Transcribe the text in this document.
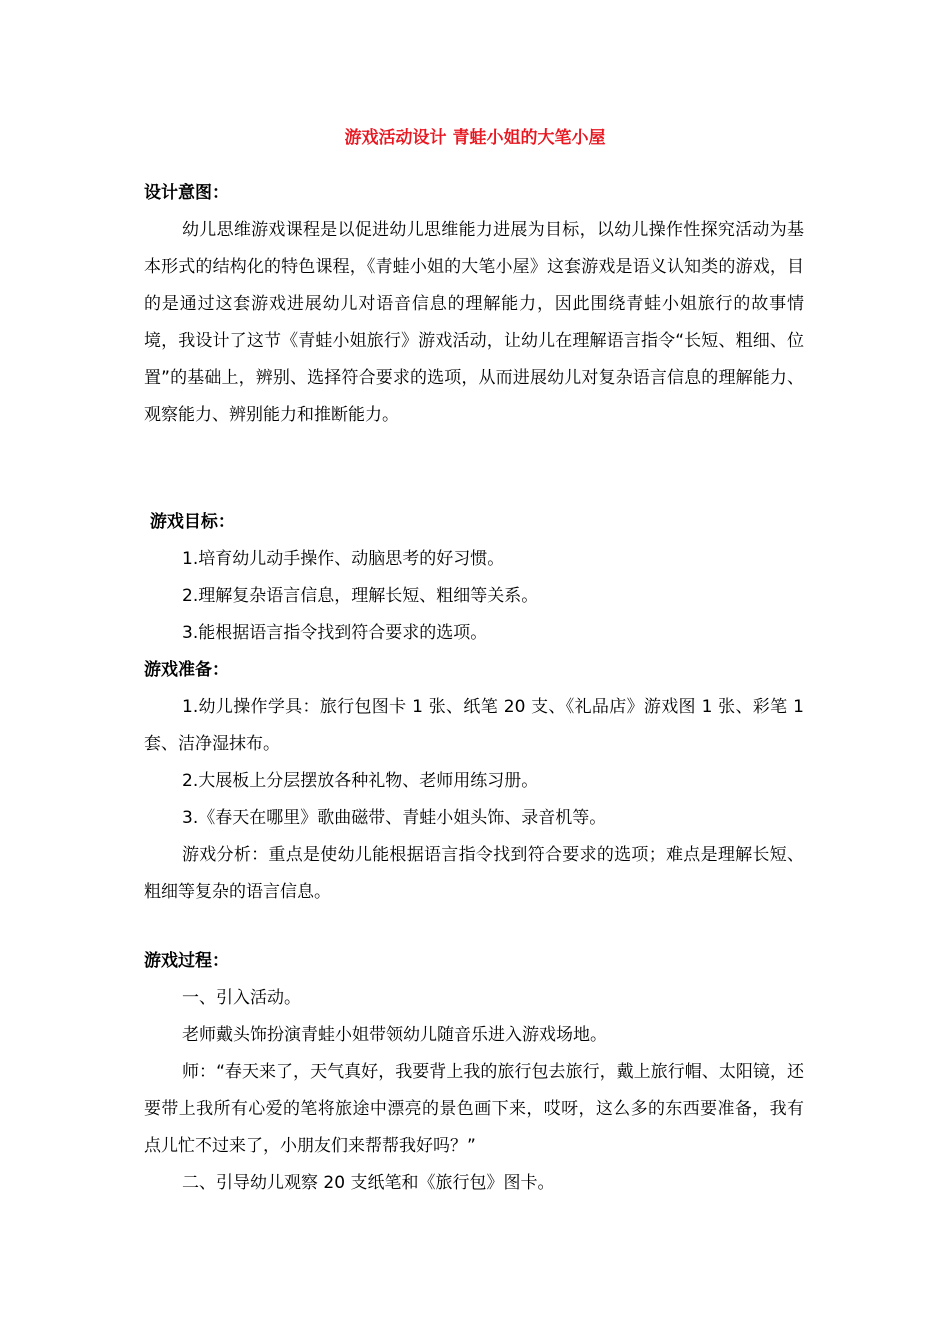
游戏活动设计 青蛙小姐的大笔小屋
设计意图：
幼儿思维游戏课程是以促进幼儿思维能力进展为目标，以幼儿操作性探究活动为基本形式的结构化的特色课程，《青蛙小姐的大笔小屋》这套游戏是语义认知类的游戏，目的是通过这套游戏进展幼儿对语音信息的理解能力，因此围绕青蛙小姐旅行的故事情境，我设计了这节《青蛙小姐旅行》游戏活动，让幼儿在理解语言指令“长短、粗细、位置”的基础上，辨别、选择符合要求的选项，从而进展幼儿对复杂语言信息的理解能力、观察能力、辨别能力和推断能力。
游戏目标：
1.培育幼儿动手操作、动脑思考的好习惯。
2.理解复杂语言信息，理解长短、粗细等关系。
3.能根据语言指令找到符合要求的选项。
游戏准备：
1.幼儿操作学具：旅行包图卡 1 张、纸笔 20 支、《礼品店》游戏图 1 张、彩笔 1 套、洁净湿抹布。
2.大展板上分层摆放各种礼物、老师用练习册。
3.《春天在哪里》歌曲磁带、青蛙小姐头饰、录音机等。
游戏分析：重点是使幼儿能根据语言指令找到符合要求的选项；难点是理解长短、粗细等复杂的语言信息。
游戏过程：
一、引入活动。
老师戴头饰扮演青蛙小姐带领幼儿随音乐进入游戏场地。
师：“春天来了，天气真好，我要背上我的旅行包去旅行，戴上旅行帽、太阳镜，还要带上我所有心爱的笔将旅途中漂亮的景色画下来，哎呀，这么多的东西要准备，我有点儿忙不过来了，小朋友们来帮帮我好吗？”
二、引导幼儿观察 20 支纸笔和《旅行包》图卡。
